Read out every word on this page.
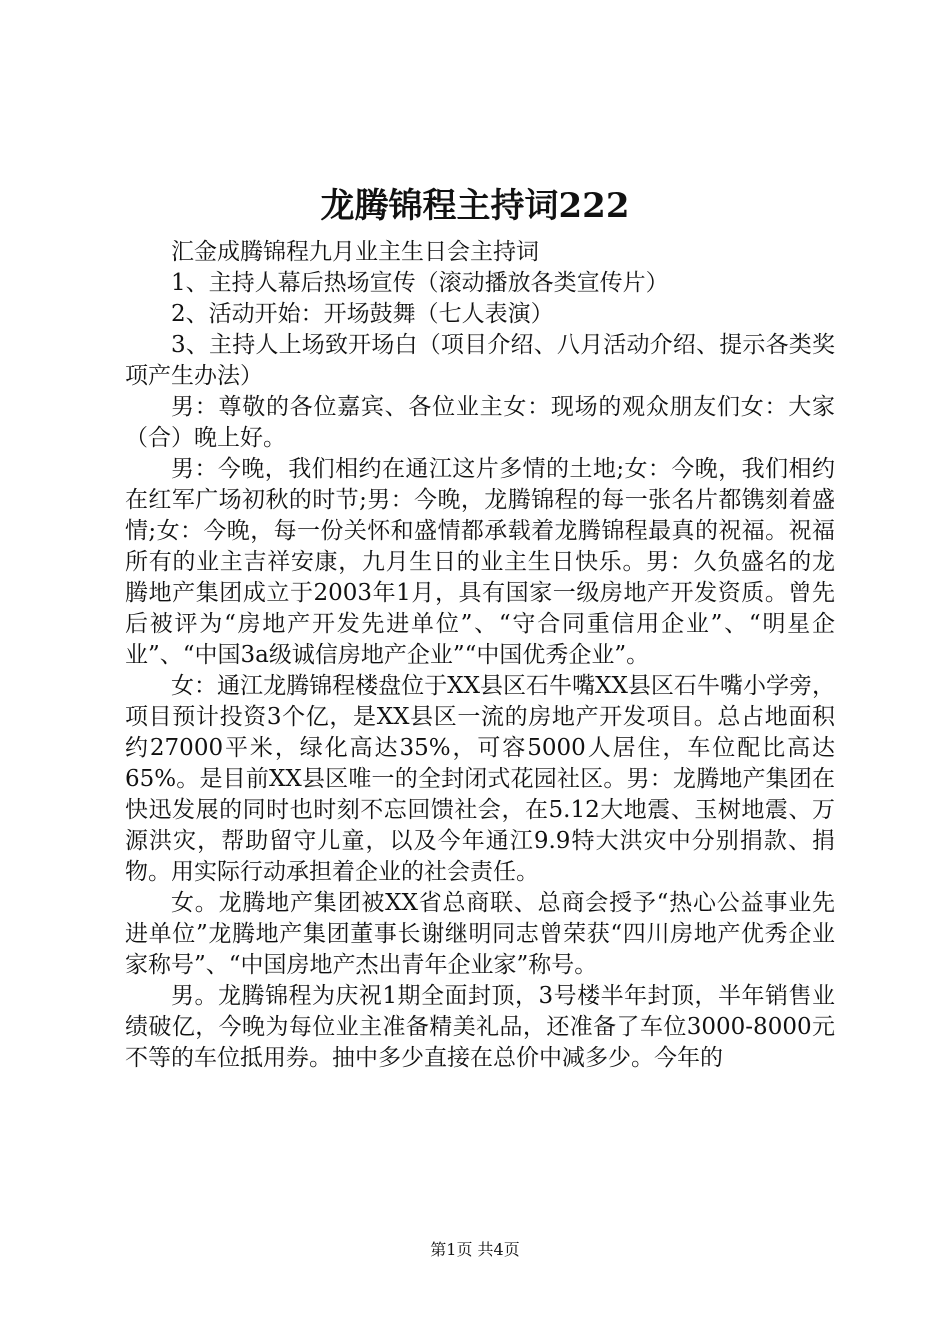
龙腾锦程主持词222

汇金成腾锦程九月业主生日会主持词

1、主持人幕后热场宣传（滚动播放各类宣传片）

2、活动开始：开场鼓舞（七人表演）

3、主持人上场致开场白（项目介绍、八月活动介绍、提示各类奖项产生办法）

男：尊敬的各位嘉宾、各位业主女：现场的观众朋友们女：大家（合）晚上好。

男：今晚，我们相约在通江这片多情的土地;女：今晚，我们相约在红军广场初秋的时节;男：今晚，龙腾锦程的每一张名片都镌刻着盛情;女：今晚，每一份关怀和盛情都承载着龙腾锦程最真的祝福。祝福所有的业主吉祥安康，九月生日的业主生日快乐。男：久负盛名的龙腾地产集团成立于2003年1月，具有国家一级房地产开发资质。曾先后被评为“房地产开发先进单位”、“守合同重信用企业”、“明星企业”、“中国3a级诚信房地产企业”“中国优秀企业”。

女：通江龙腾锦程楼盘位于XX县区石牛嘴XX县区石牛嘴小学旁，项目预计投资3个亿，是XX县区一流的房地产开发项目。总占地面积约27000平米，绿化高达35%，可容5000人居住，车位配比高达65%。是目前XX县区唯一的全封闭式花园社区。男：龙腾地产集团在快迅发展的同时也时刻不忘回馈社会，在5.12大地震、玉树地震、万源洪灾，帮助留守儿童，以及今年通江9.9特大洪灾中分别捐款、捐物。用实际行动承担着企业的社会责任。

女。龙腾地产集团被XX省总商联、总商会授予“热心公益事业先进单位”龙腾地产集团董事长谢继明同志曾荣获“四川房地产优秀企业家称号”、“中国房地产杰出青年企业家”称号。

男。龙腾锦程为庆祝1期全面封顶，3号楼半年封顶，半年销售业绩破亿，今晚为每位业主准备精美礼品，还准备了车位3000-8000元不等的车位抵用券。抽中多少直接在总价中减多少。今年的

第1页 共4页
